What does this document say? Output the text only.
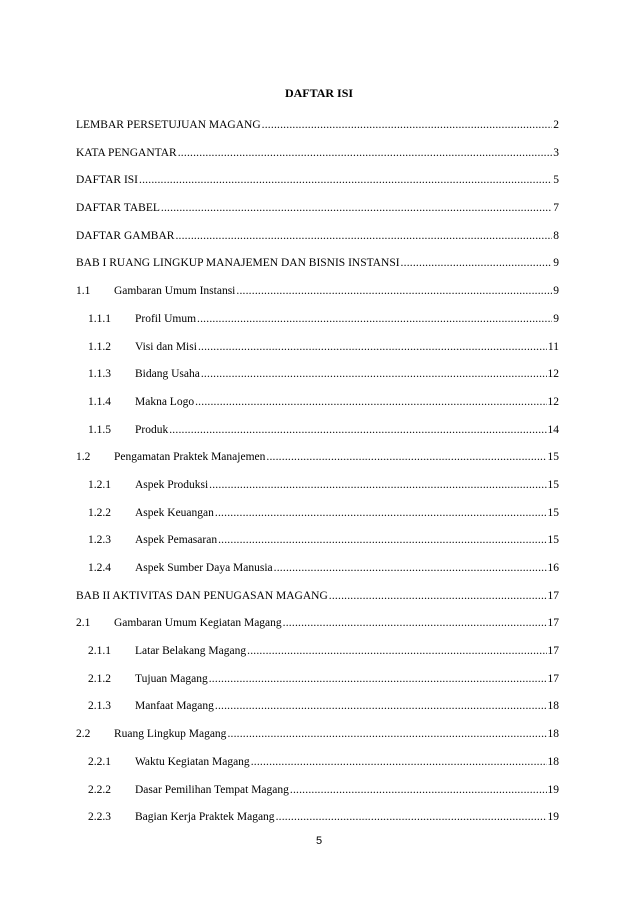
DAFTAR ISI
LEMBAR PERSETUJUAN MAGANG .....	2
KATA PENGANTAR .....	3
DAFTAR ISI .....	5
DAFTAR TABEL .....	7
DAFTAR GAMBAR .....	8
BAB I RUANG LINGKUP MANAJEMEN DAN BISNIS INSTANSI .....	9
1.1	Gambaran Umum Instansi .....	9
1.1.1	Profil Umum .....	9
1.1.2	Visi dan Misi .....	11
1.1.3	Bidang Usaha .....	12
1.1.4	Makna Logo .....	12
1.1.5	Produk .....	14
1.2	Pengamatan Praktek Manajemen .....	15
1.2.1	Aspek Produksi .....	15
1.2.2	Aspek Keuangan .....	15
1.2.3	Aspek Pemasaran .....	15
1.2.4	Aspek Sumber Daya Manusia .....	16
BAB II AKTIVITAS DAN PENUGASAN MAGANG .....	17
2.1	Gambaran Umum Kegiatan Magang .....	17
2.1.1	Latar Belakang Magang .....	17
2.1.2	Tujuan Magang .....	17
2.1.3	Manfaat Magang .....	18
2.2	Ruang Lingkup Magang .....	18
2.2.1	Waktu Kegiatan Magang .....	18
2.2.2	Dasar Pemilihan Tempat Magang .....	19
2.2.3	Bagian Kerja Praktek Magang .....	19
5
